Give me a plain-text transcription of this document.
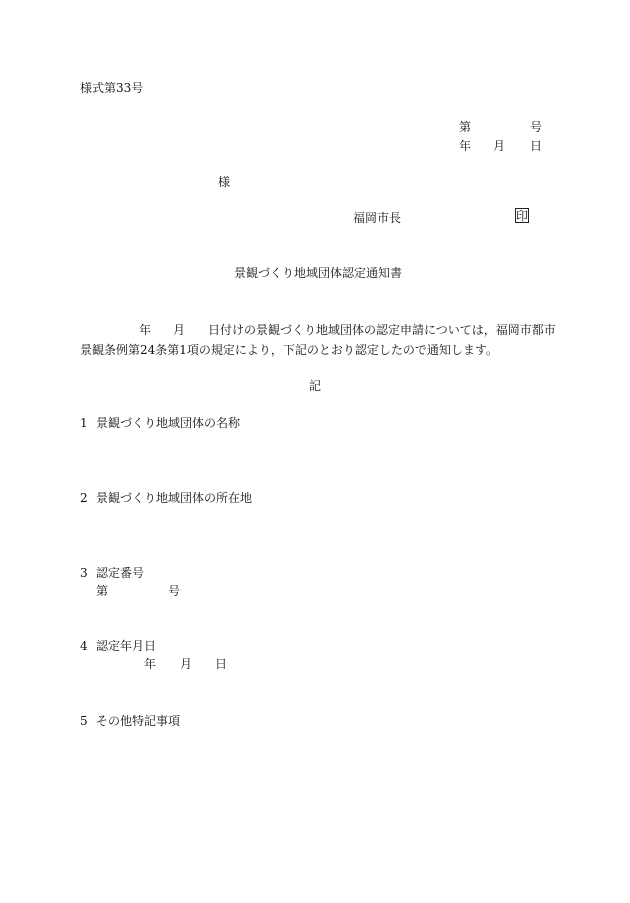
様式第33号
第	号
年 月 日
様
福岡市長	印
景観づくり地域団体認定通知書
年 月 日付けの景観づくり地域団体の認定申請については，福岡市都市
景観条例第24条第1項の規定により，下記のとおり認定したので通知します。
記
1 景観づくり地域団体の名称
2 景観づくり地域団体の所在地
3 認定番号
第	号
4 認定年月日
年 月 日
5 その他特記事項
